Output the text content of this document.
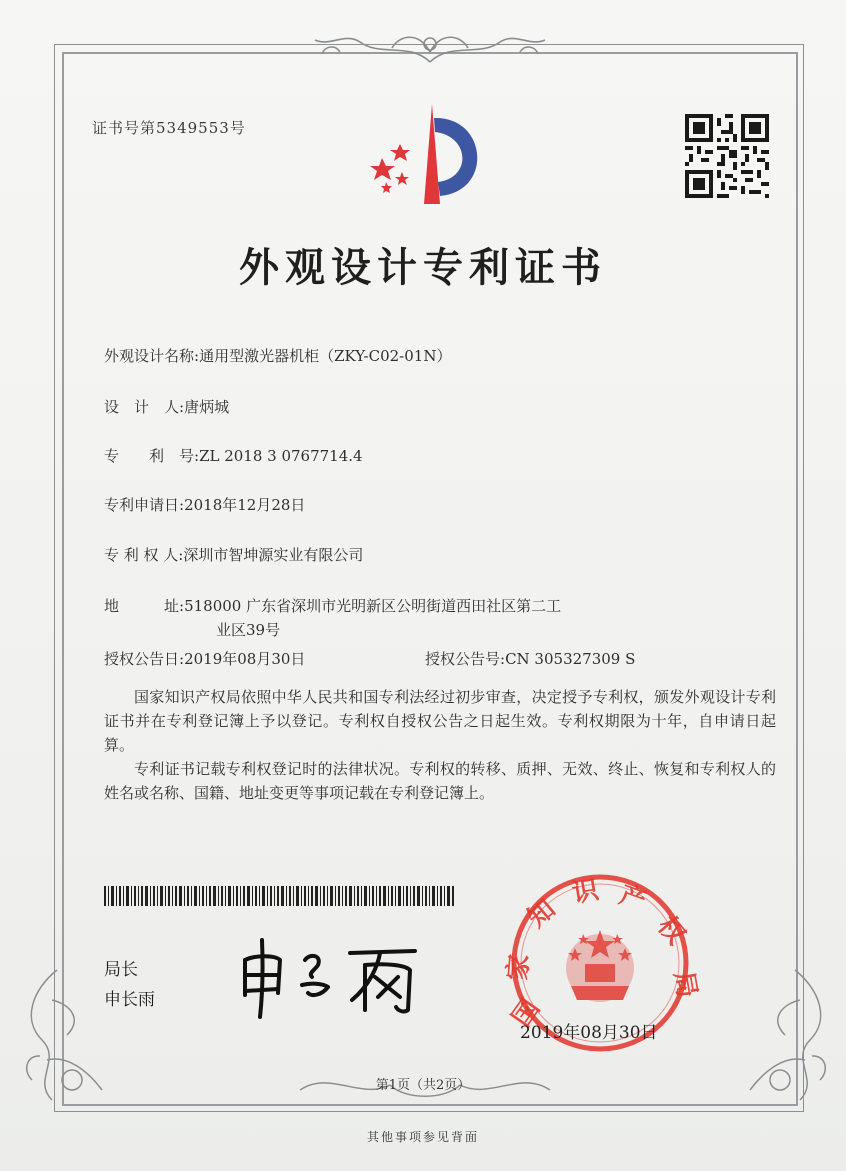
证书号第5349553号
外观设计专利证书
外观设计名称:通用型激光器机柜（ZKY-C02-01N）
设　计　人:唐炳城
专　　利　号:ZL 2018 3 0767714.4
专利申请日:2018年12月28日
专 利 权 人:深圳市智坤源实业有限公司
地　　　址:518000 广东省深圳市光明新区公明街道西田社区第二工
业区39号
授权公告日:2019年08月30日	授权公告号:CN 305327309 S
国家知识产权局依照中华人民共和国专利法经过初步审查，决定授予专利权，颁发外观设计专利证书并在专利登记簿上予以登记。专利权自授权公告之日起生效。专利权期限为十年，自申请日起算。
专利证书记载专利权登记时的法律状况。专利权的转移、质押、无效、终止、恢复和专利权人的姓名或名称、国籍、地址变更等事项记载在专利登记簿上。
局长
申长雨	国
家
知
识 产
权
局
2019年08月30日
第1页（共2页）
其他事项参见背面
